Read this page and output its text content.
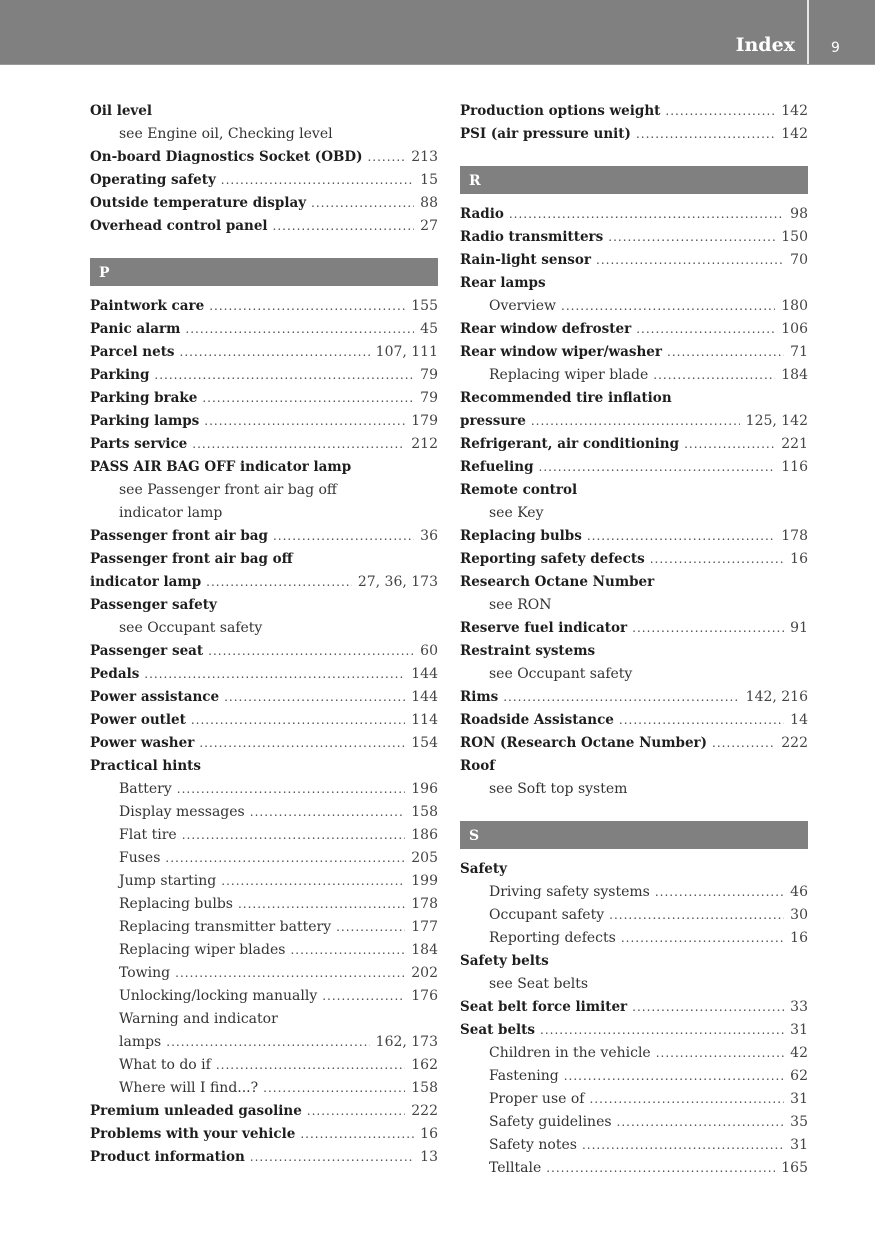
Index	9
Oil level
see Engine oil, Checking level
On-board Diagnostics Socket (OBD) .....	213
Operating safety .....	15
Outside temperature display .....	88
Overhead control panel .....	27
P
Paintwork care .....	155
Panic alarm .....	45
Parcel nets .....	107, 111
Parking .....	79
Parking brake .....	79
Parking lamps .....	179
Parts service .....	212
PASS AIR BAG OFF indicator lamp
see Passenger front air bag off
indicator lamp
Passenger front air bag .....	36
Passenger front air bag off
indicator lamp .....	27, 36, 173
Passenger safety
see Occupant safety
Passenger seat .....	60
Pedals .....	144
Power assistance .....	144
Power outlet .....	114
Power washer .....	154
Practical hints
Battery .....	196
Display messages .....	158
Flat tire .....	186
Fuses .....	205
Jump starting .....	199
Replacing bulbs .....	178
Replacing transmitter battery .....	177
Replacing wiper blades .....	184
Towing .....	202
Unlocking/locking manually .....	176
Warning and indicator
lamps .....	162, 173
What to do if .....	162
Where will I find...? .....	158
Premium unleaded gasoline .....	222
Problems with your vehicle .....	16
Product information .....	13
Production options weight .....	142
PSI (air pressure unit) .....	142
R
Radio .....	98
Radio transmitters .....	150
Rain-light sensor .....	70
Rear lamps
Overview .....	180
Rear window defroster .....	106
Rear window wiper/washer .....	71
Replacing wiper blade .....	184
Recommended tire inflation
pressure .....	125, 142
Refrigerant, air conditioning .....	221
Refueling .....	116
Remote control
see Key
Replacing bulbs .....	178
Reporting safety defects .....	16
Research Octane Number
see RON
Reserve fuel indicator .....	91
Restraint systems
see Occupant safety
Rims .....	142, 216
Roadside Assistance .....	14
RON (Research Octane Number) .....	222
Roof
see Soft top system
S
Safety
Driving safety systems .....	46
Occupant safety .....	30
Reporting defects .....	16
Safety belts
see Seat belts
Seat belt force limiter .....	33
Seat belts .....	31
Children in the vehicle .....	42
Fastening .....	62
Proper use of .....	31
Safety guidelines .....	35
Safety notes .....	31
Telltale .....	165
